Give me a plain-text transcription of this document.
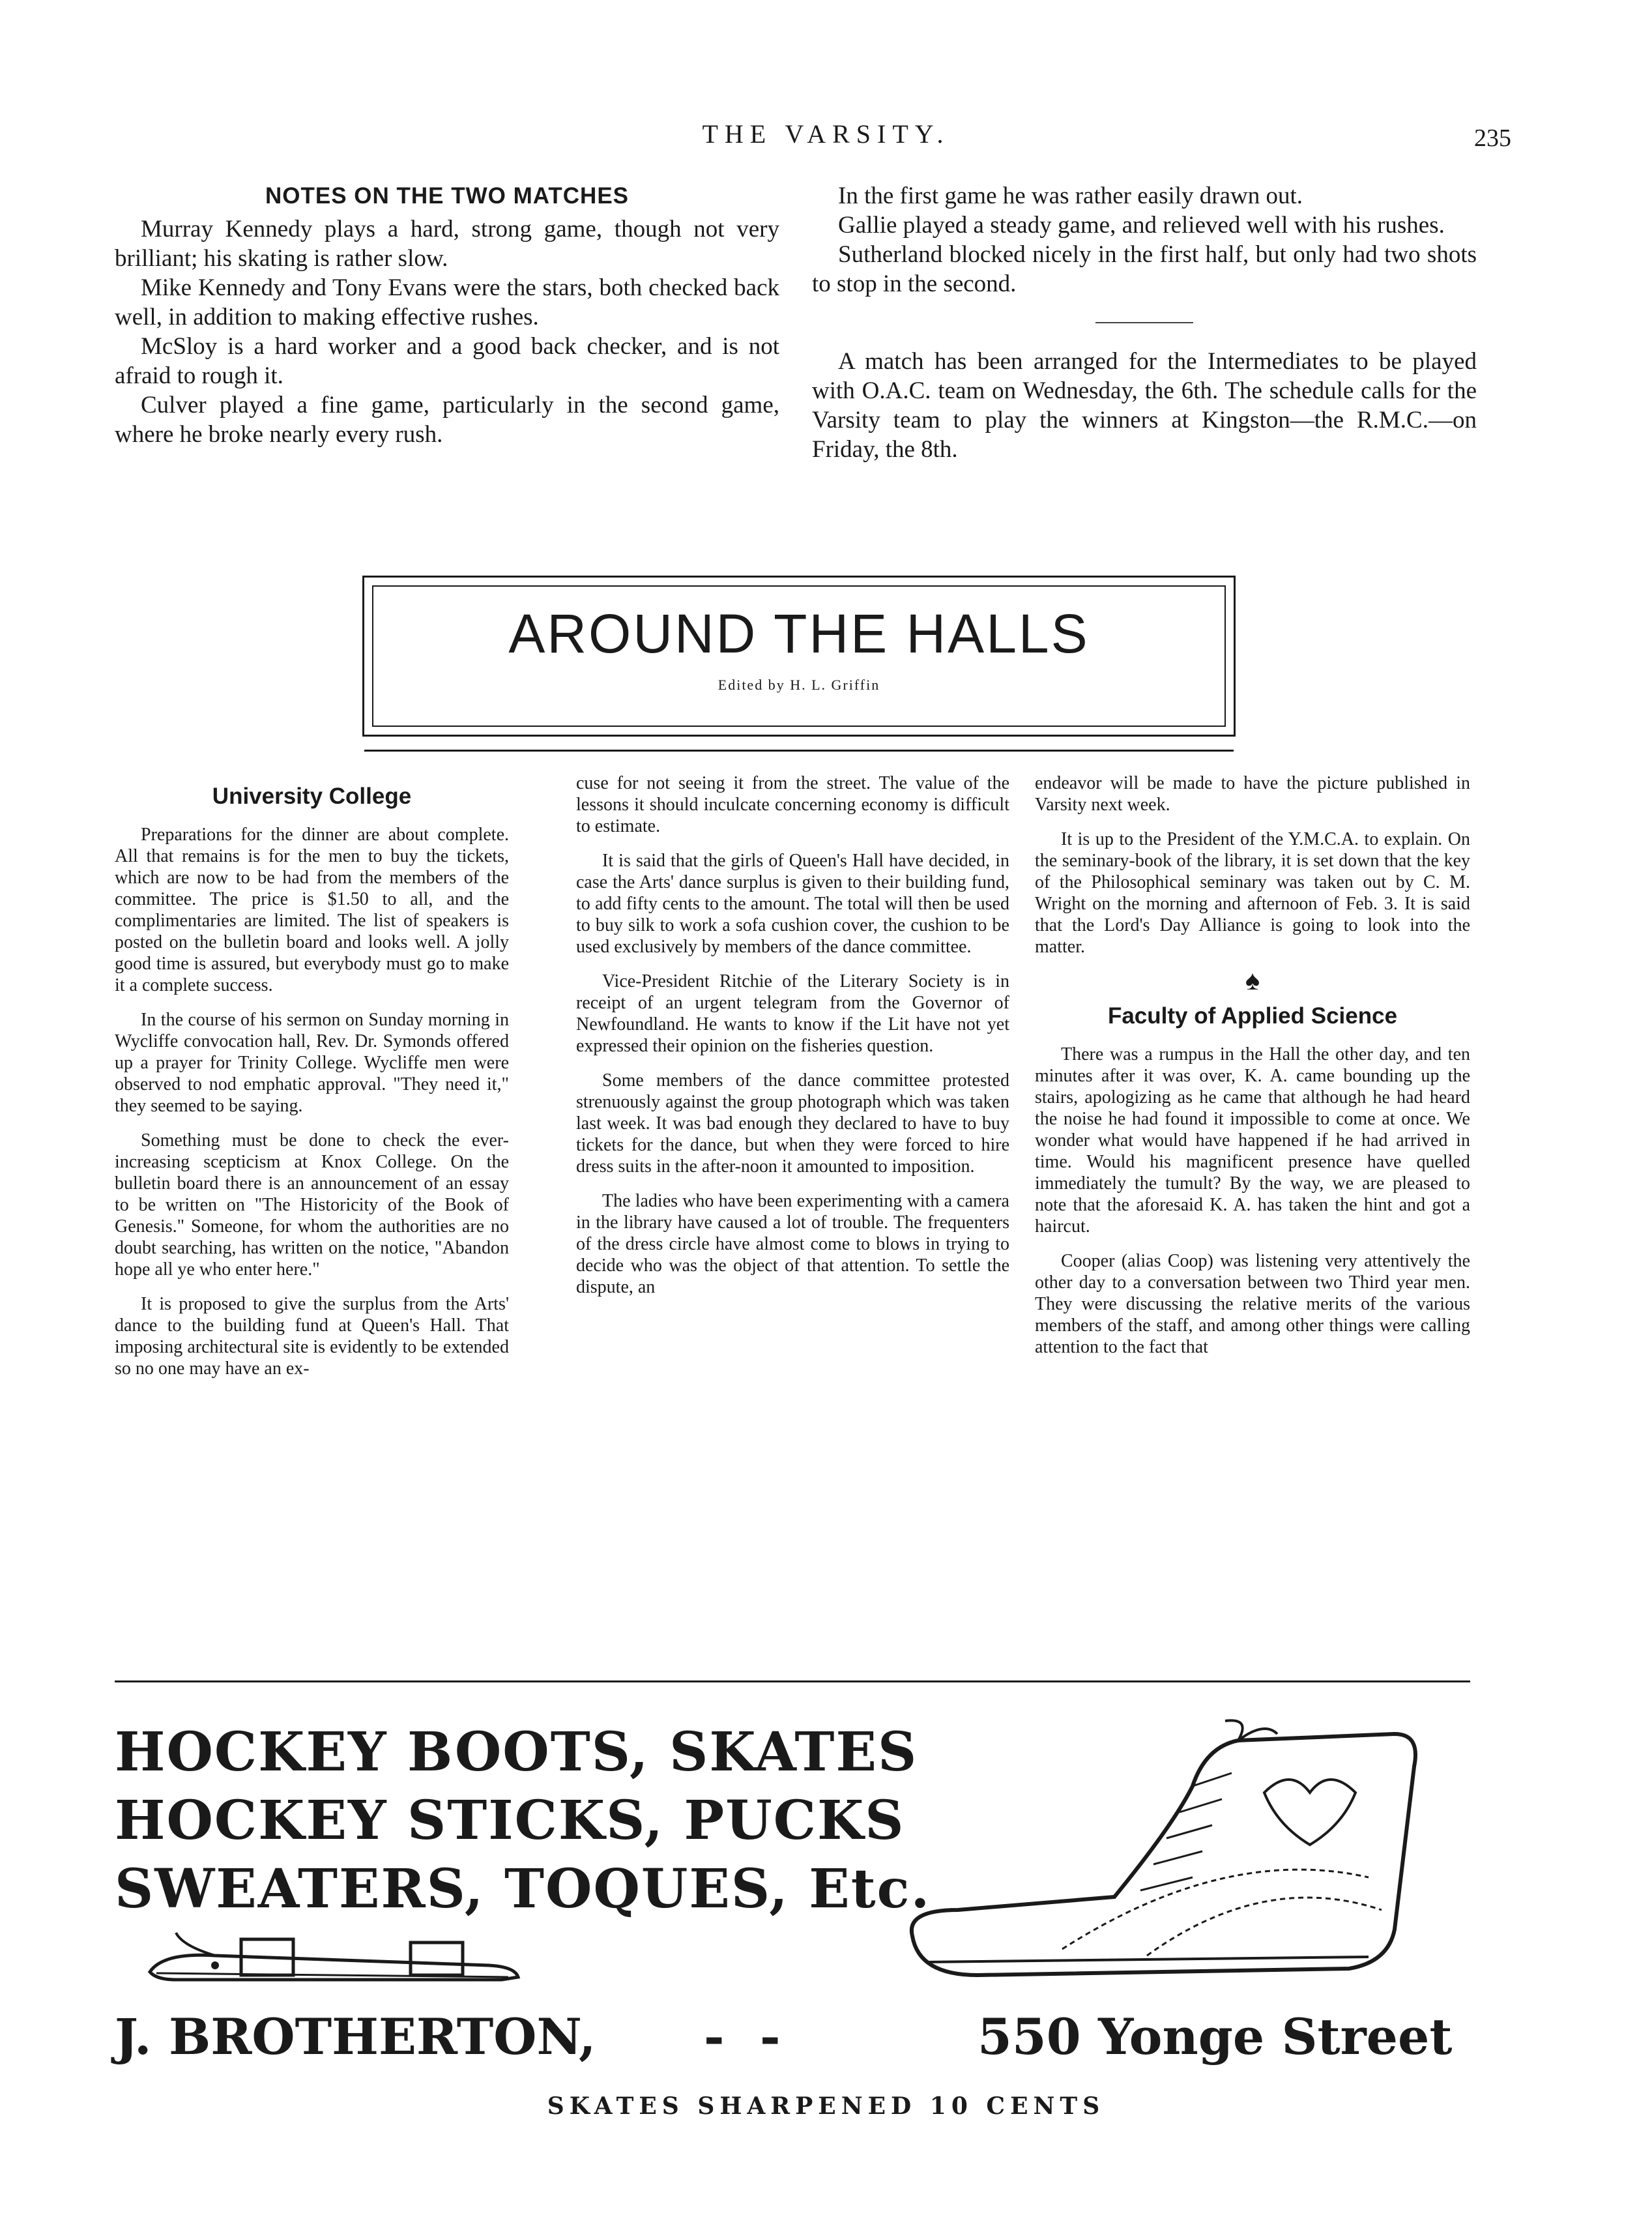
THE VARSITY.	235
NOTES ON THE TWO MATCHES

Murray Kennedy plays a hard, strong game, though not very brilliant; his skating is rather slow.

Mike Kennedy and Tony Evans were the stars, both checked back well, in addition to making effective rushes.

McSloy is a hard worker and a good back checker, and is not afraid to rough it.

Culver played a fine game, particularly in the second game, where he broke nearly every rush.

In the first game he was rather easily drawn out.

Gallie played a steady game, and relieved well with his rushes.

Sutherland blocked nicely in the first half, but only had two shots to stop in the second.

A match has been arranged for the Intermediates to be played with O.A.C. team on Wednesday, the 6th. The schedule calls for the Varsity team to play the winners at Kingston—the R.M.C.—on Friday, the 8th.

AROUND THE HALLS
Edited by H. L. Griffin
University College

Preparations for the dinner are about complete. All that remains is for the men to buy the tickets, which are now to be had from the members of the committee. The price is $1.50 to all, and the complimentaries are limited. The list of speakers is posted on the bulletin board and looks well. A jolly good time is assured, but everybody must go to make it a complete success.

In the course of his sermon on Sunday morning in Wycliffe convocation hall, Rev. Dr. Symonds offered up a prayer for Trinity College. Wycliffe men were observed to nod emphatic approval. "They need it," they seemed to be saying.

Something must be done to check the ever-increasing scepticism at Knox College. On the bulletin board there is an announcement of an essay to be written on "The Historicity of the Book of Genesis." Someone, for whom the authorities are no doubt searching, has written on the notice, "Abandon hope all ye who enter here."

It is proposed to give the surplus from the Arts' dance to the building fund at Queen's Hall. That imposing architectural site is evidently to be extended so no one may have an ex-

cuse for not seeing it from the street. The value of the lessons it should inculcate concerning economy is difficult to estimate.

It is said that the girls of Queen's Hall have decided, in case the Arts' dance surplus is given to their building fund, to add fifty cents to the amount. The total will then be used to buy silk to work a sofa cushion cover, the cushion to be used exclusively by members of the dance committee.

Vice-President Ritchie of the Literary Society is in receipt of an urgent telegram from the Governor of Newfoundland. He wants to know if the Lit have not yet expressed their opinion on the fisheries question.

Some members of the dance committee protested strenuously against the group photograph which was taken last week. It was bad enough they declared to have to buy tickets for the dance, but when they were forced to hire dress suits in the after-noon it amounted to imposition.

The ladies who have been experimenting with a camera in the library have caused a lot of trouble. The frequenters of the dress circle have almost come to blows in trying to decide who was the object of that attention. To settle the dispute, an

endeavor will be made to have the picture published in Varsity next week.

It is up to the President of the Y.M.C.A. to explain. On the seminary-book of the library, it is set down that the key of the Philosophical seminary was taken out by C. M. Wright on the morning and afternoon of Feb. 3. It is said that the Lord's Day Alliance is going to look into the matter.

♠
Faculty of Applied Science

There was a rumpus in the Hall the other day, and ten minutes after it was over, K. A. came bounding up the stairs, apologizing as he came that although he had heard the noise he had found it impossible to come at once. We wonder what would have happened if he had arrived in time. Would his magnificent presence have quelled immediately the tumult? By the way, we are pleased to note that the aforesaid K. A. has taken the hint and got a haircut.

Cooper (alias Coop) was listening very attentively the other day to a conversation between two Third year men. They were discussing the relative merits of the various members of the staff, and among other things were calling attention to the fact that

HOCKEY BOOTS, SKATES
HOCKEY STICKS, PUCKS
SWEATERS, TOQUES, Etc.
J. BROTHERTON, - -	550 Yonge Street
SKATES SHARPENED 10 CENTS
